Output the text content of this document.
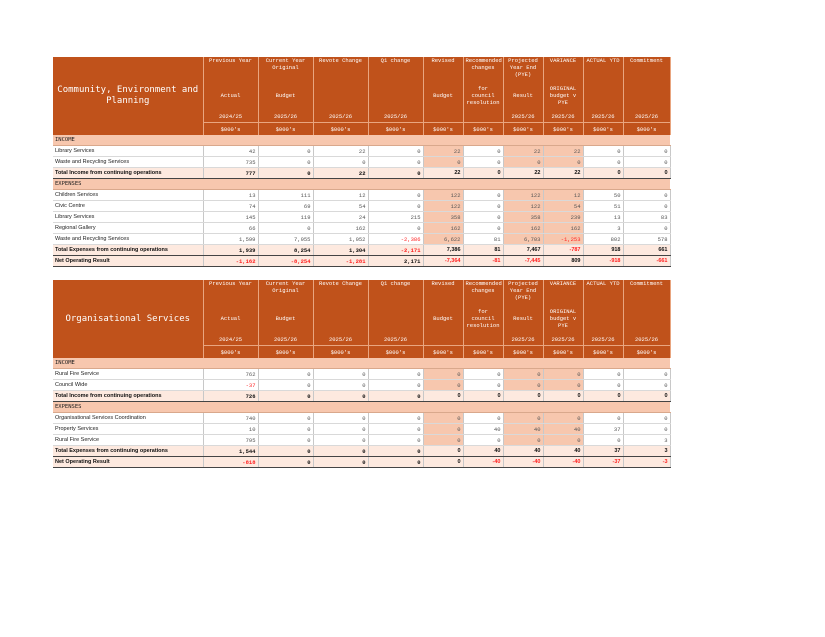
Community, Environment and Planning	Previous Year	Current Year Original	Revote Change	Q1 change	Revised	Recommended changes	Projected Year End (PYE)	VARIANCE	ACTUAL YTD	Commitment
	Actual	Budget			Budget	for council resolution	Result	ORIGINAL budget v PYE		
	2024/25	2025/26	2025/26	2025/26			2025/26	2025/26	2025/26	2025/26
	$000's	$000's	$000's	$000's	$000's	$000's	$000's	$000's	$000's	$000's
INCOME										
Library Services	42	0	22	0	22	0	22	22	0	0
Waste and Recycling Services	735	0	0	0	0	0	0	0	0	0
Total Income from continuing operations	777	0	22	0	22	0	22	22	0	0
EXPENSES										
Children Services	13	111	12	0	122	0	122	12	50	0
Civic Centre	74	69	54	0	122	0	122	54	51	0
Library Services	145	119	24	215	358	0	358	239	13	83
Regional Gallery	66	0	162	0	162	0	162	162	3	0
Waste and Recycling Services	1,599	7,955	1,052	-2,386	6,622	81	6,703	-1,253	802	578
Total Expenses from continuing operations	1,939	8,254	1,304	-2,171	7,386	81	7,467	-787	918	661
Net Operating Result	-1,162	-8,254	-1,281	2,171	-7,364	-81	-7,445	809	-918	-661
Organisational Services	Previous Year	Current Year Original	Revote Change	Q1 change	Revised	Recommended changes	Projected Year End (PYE)	VARIANCE	ACTUAL YTD	Commitment
	Actual	Budget			Budget	for council resolution	Result	ORIGINAL budget v PYE		
	2024/25	2025/26	2025/26	2025/26			2025/26	2025/26	2025/26	2025/26
	$000's	$000's	$000's	$000's	$000's	$000's	$000's	$000's	$000's	$000's
INCOME										
Rural Fire Service	762	0	0	0	0	0	0	0	0	0
Council Wide	-37	0	0	0	0	0	0	0	0	0
Total Income from continuing operations	726	0	0	0	0	0	0	0	0	0
EXPENSES										
Organisational Services Coordination	740	0	0	0	0	0	0	0	0	0
Property Services	10	0	0	0	0	40	40	40	37	0
Rural Fire Service	795	0	0	0	0	0	0	0	0	3
Total Expenses from continuing operations	1,544	0	0	0	0	40	40	40	37	3
Net Operating Result	-818	0	0	0	0	-40	-40	-40	-37	-3
